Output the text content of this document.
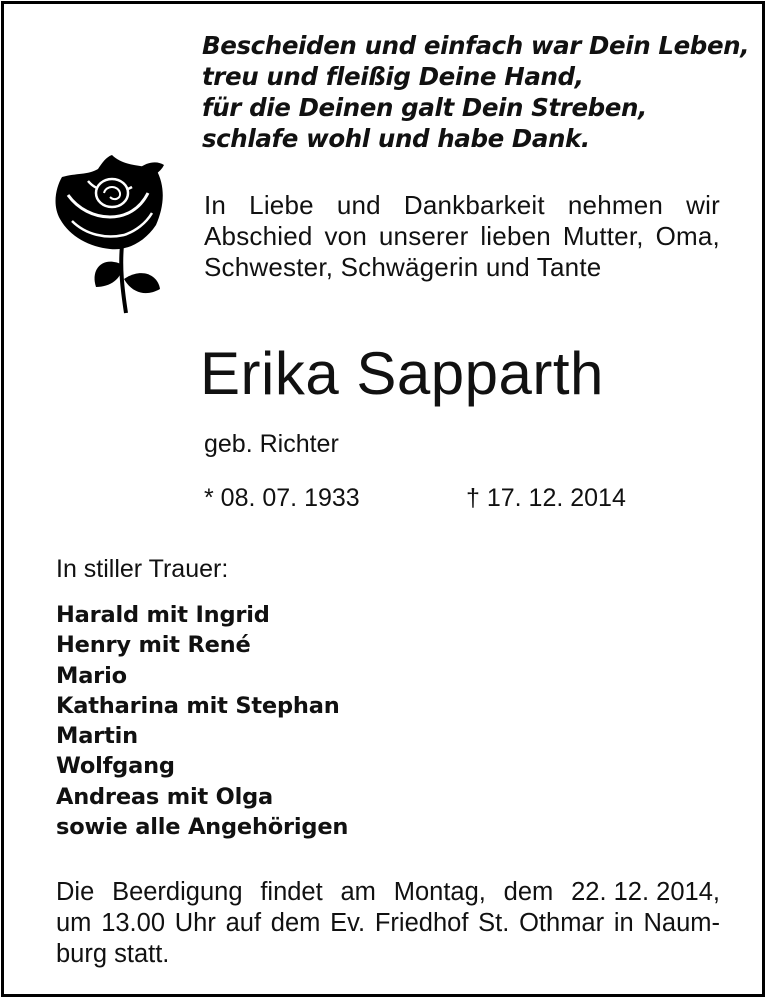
Bescheiden und einfach war Dein Leben,
treu und fleißig Deine Hand,
für die Deinen galt Dein Streben,
schlafe wohl und habe Dank.
In Liebe und Dankbarkeit nehmen wir
Abschied von unserer lieben Mutter, Oma,
Schwester, Schwägerin und Tante
Erika Sapparth
geb. Richter
* 08. 07. 1933	† 17. 12. 2014
In stiller Trauer:
Harald mit Ingrid
Henry mit René
Mario
Katharina mit Stephan
Martin
Wolfgang
Andreas mit Olga
sowie alle Angehörigen
Die Beerdigung findet am Montag, dem 22. 12. 2014,
um 13.00 Uhr auf dem Ev. Friedhof St. Othmar in Naum-
burg statt.
